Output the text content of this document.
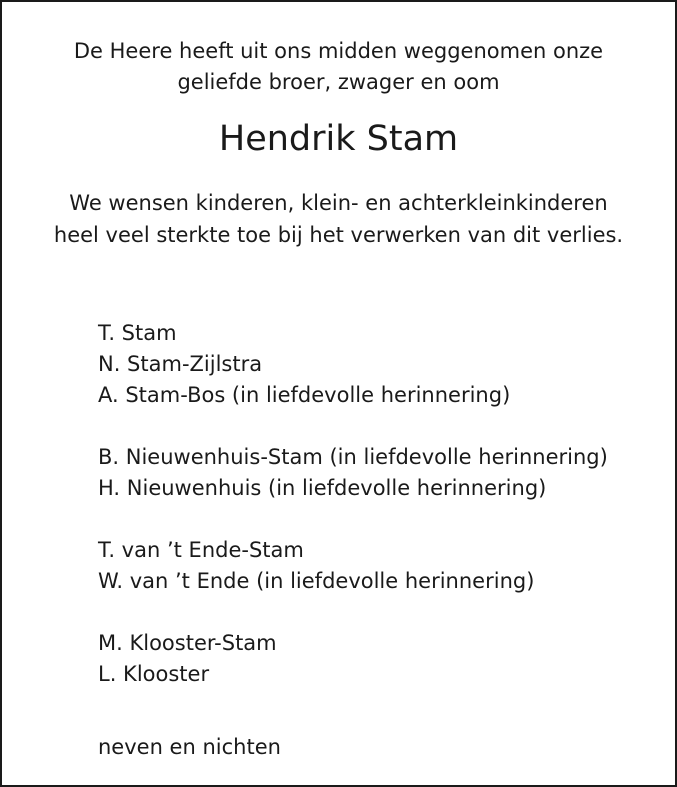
De Heere heeft uit ons midden weggenomen onze
geliefde broer, zwager en oom
Hendrik Stam
We wensen kinderen, klein- en achterkleinkinderen
heel veel sterkte toe bij het verwerken van dit verlies.
T. Stam
N. Stam-Zijlstra
A. Stam-Bos (in liefdevolle herinnering)
B. Nieuwenhuis-Stam (in liefdevolle herinnering)
H. Nieuwenhuis (in liefdevolle herinnering)
T. van ’t Ende-Stam
W. van ’t Ende (in liefdevolle herinnering)
M. Klooster-Stam
L. Klooster
neven en nichten
